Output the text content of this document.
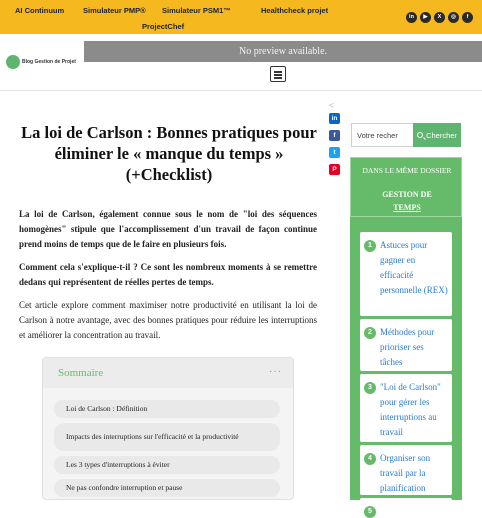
AI Continuum	Simulateur PMP® Simulateur PSM1™	Healthcheck projet
ProjectChef
in	▶	X	◎	f
Blog Gestion de Projet
No preview available.
<
in
f
t
P
La loi de Carlson : Bonnes pratiques pour éliminer le « manque du temps » (+Checklist)

La loi de Carlson, également connue sous le nom de "loi des séquences homogènes" stipule que l'accomplissement d'un travail de façon continue prend moins de temps que de le faire en plusieurs fois.

Comment cela s'explique-t-il ? Ce sont les nombreux moments à se remettre dedans qui représentent de réelles pertes de temps.

Cet article explore comment maximiser notre productivité en utilisant la loi de Carlson à notre avantage, avec des bonnes pratiques pour réduire les interruptions et améliorer la concentration au travail.

Sommaire	···
Loi de Carlson : Définition
Impacts des interruptions sur l'efficacité et la productivité
Les 3 types d'interruptions à éviter
Ne pas confondre interruption et pause
Votre recher
Chercher
DANS LE MÊME DOSSIER
GESTION DE
TEMPS
1 Astuces pour gagner en efficacité personnelle (REX)
2 Méthodes pour prioriser ses tâches
3 "Loi de Carlson" pour gérer les interruptions au travail
4 Organiser son travail par la planification
5
